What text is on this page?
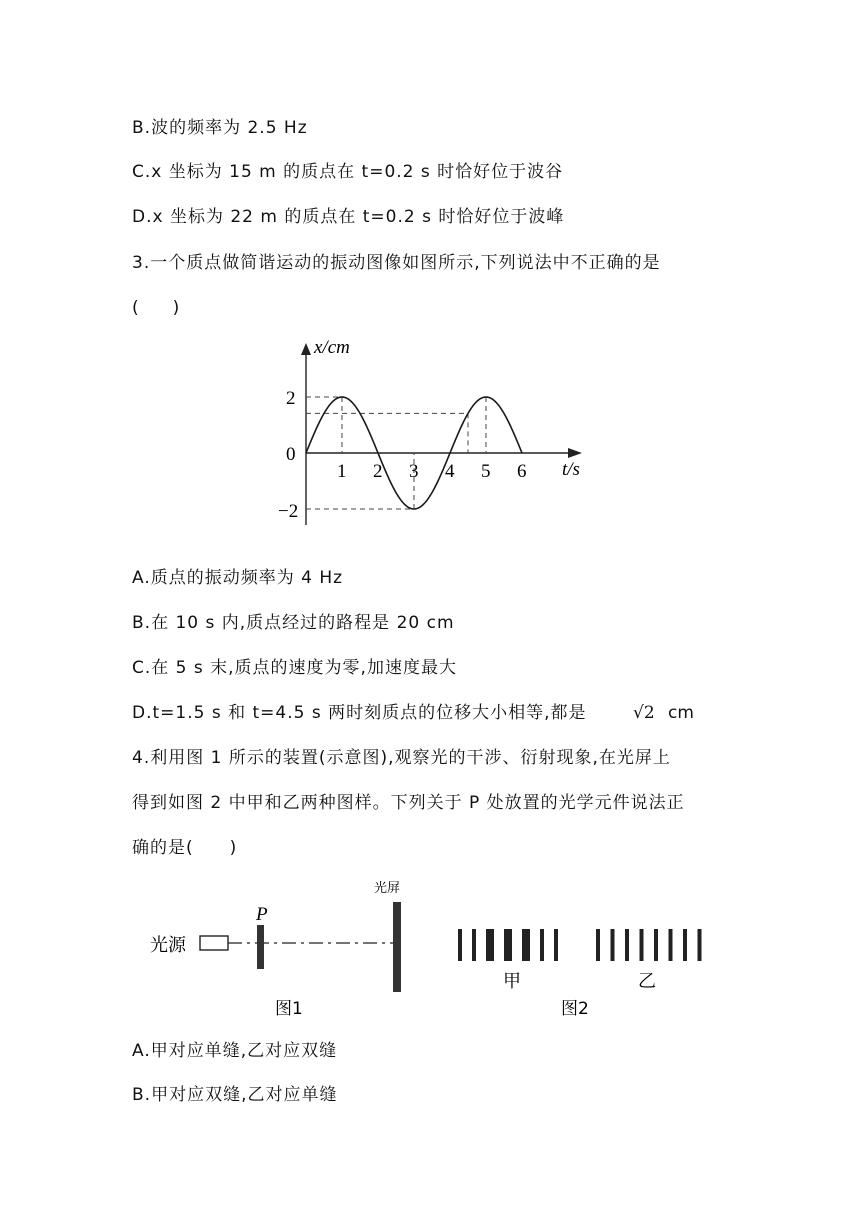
B.波的频率为 2.5 Hz
C.x 坐标为 15 m 的质点在 t=0.2 s 时恰好位于波谷
D.x 坐标为 22 m 的质点在 t=0.2 s 时恰好位于波峰
3.一个质点做简谐运动的振动图像如图所示,下列说法中不正确的是
(　　)
x/cm
t/s
0
2
−2
1 2 3 4 5 6
A.质点的振动频率为 4 Hz
B.在 10 s 内,质点经过的路程是 20 cm
C.在 5 s 末,质点的速度为零,加速度最大
D.t=1.5 s 和 t=4.5 s 两时刻质点的位移大小相等,都是	√2 cm
4.利用图 1 所示的装置(示意图),观察光的干涉、衍射现象,在光屏上
得到如图 2 中甲和乙两种图样。下列关于 P 处放置的光学元件说法正
确的是(　　)
光源
P
光屏
图1
甲	乙
图2
A.甲对应单缝,乙对应双缝
B.甲对应双缝,乙对应单缝
